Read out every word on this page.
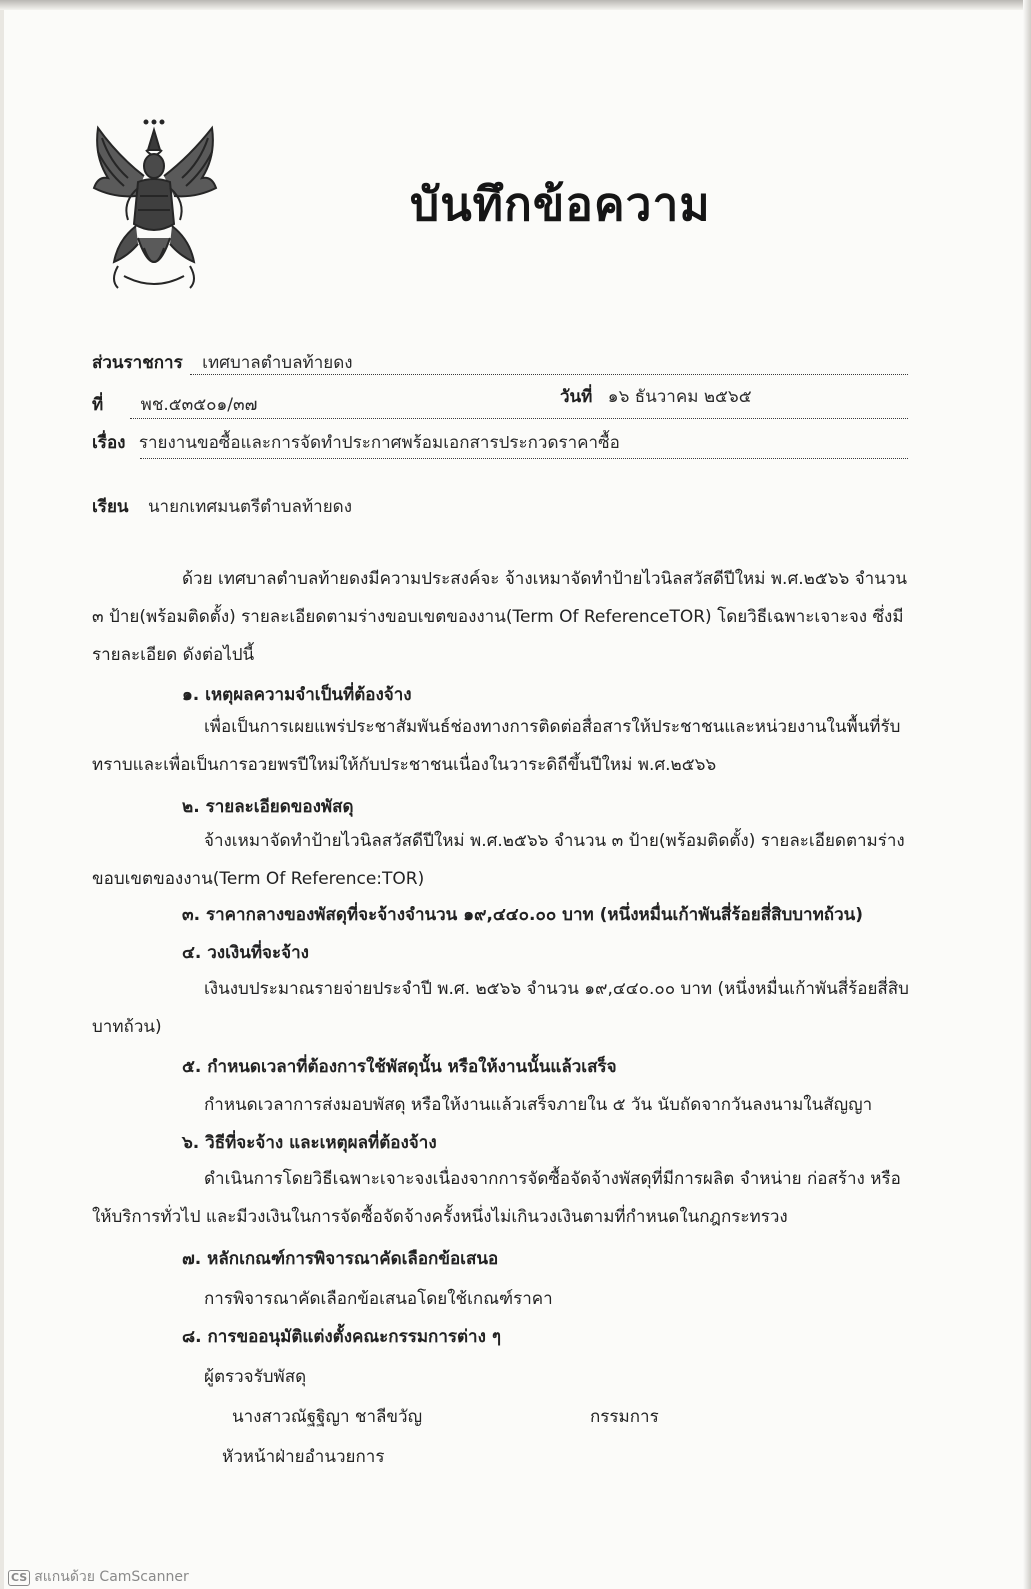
บันทึกข้อความ
ส่วนราชการ เทศบาลตำบลท้ายดง
ที่ พช.๕๓๕๐๑/๓๗	วันที่ ๑๖ ธันวาคม ๒๕๖๕
เรื่อง รายงานขอซื้อและการจัดทำประกาศพร้อมเอกสารประกวดราคาซื้อ
เรียน นายกเทศมนตรีตำบลท้ายดง
ด้วย เทศบาลตำบลท้ายดงมีความประสงค์จะ จ้างเหมาจัดทำป้ายไวนิลสวัสดีปีใหม่ พ.ศ.๒๕๖๖ จำนวน ๓ ป้าย(พร้อมติดตั้ง) รายละเอียดตามร่างขอบเขตของงาน(Term Of ReferenceTOR) โดยวิธีเฉพาะเจาะจง ซึ่งมีรายละเอียด ดังต่อไปนี้
๑. เหตุผลความจำเป็นที่ต้องจ้าง
เพื่อเป็นการเผยแพร่ประชาสัมพันธ์ช่องทางการติดต่อสื่อสารให้ประชาชนและหน่วยงานในพื้นที่รับทราบและเพื่อเป็นการอวยพรปีใหม่ให้กับประชาชนเนื่องในวาระดิถีขึ้นปีใหม่ พ.ศ.๒๕๖๖
๒. รายละเอียดของพัสดุ
จ้างเหมาจัดทำป้ายไวนิลสวัสดีปีใหม่ พ.ศ.๒๕๖๖ จำนวน ๓ ป้าย(พร้อมติดตั้ง) รายละเอียดตามร่างขอบเขตของงาน(Term Of Reference:TOR)
๓. ราคากลางของพัสดุที่จะจ้างจำนวน ๑๙,๔๔๐.๐๐ บาท (หนึ่งหมื่นเก้าพันสี่ร้อยสี่สิบบาทถ้วน)
๔. วงเงินที่จะจ้าง
เงินงบประมาณรายจ่ายประจำปี พ.ศ. ๒๕๖๖ จำนวน ๑๙,๔๔๐.๐๐ บาท (หนึ่งหมื่นเก้าพันสี่ร้อยสี่สิบบาทถ้วน)
๕. กำหนดเวลาที่ต้องการใช้พัสดุนั้น หรือให้งานนั้นแล้วเสร็จ
กำหนดเวลาการส่งมอบพัสดุ หรือให้งานแล้วเสร็จภายใน ๕ วัน นับถัดจากวันลงนามในสัญญา
๖. วิธีที่จะจ้าง และเหตุผลที่ต้องจ้าง
ดำเนินการโดยวิธีเฉพาะเจาะจงเนื่องจากการจัดซื้อจัดจ้างพัสดุที่มีการผลิต จำหน่าย ก่อสร้าง หรือให้บริการทั่วไป และมีวงเงินในการจัดซื้อจัดจ้างครั้งหนึ่งไม่เกินวงเงินตามที่กำหนดในกฎกระทรวง
๗. หลักเกณฑ์การพิจารณาคัดเลือกข้อเสนอ
การพิจารณาคัดเลือกข้อเสนอโดยใช้เกณฑ์ราคา
๘. การขออนุมัติแต่งตั้งคณะกรรมการต่าง ๆ
ผู้ตรวจรับพัสดุ
นางสาวณัฐฐิญา ชาลีขวัญ	กรรมการ
หัวหน้าฝ่ายอำนวยการ
CS สแกนด้วย CamScanner
